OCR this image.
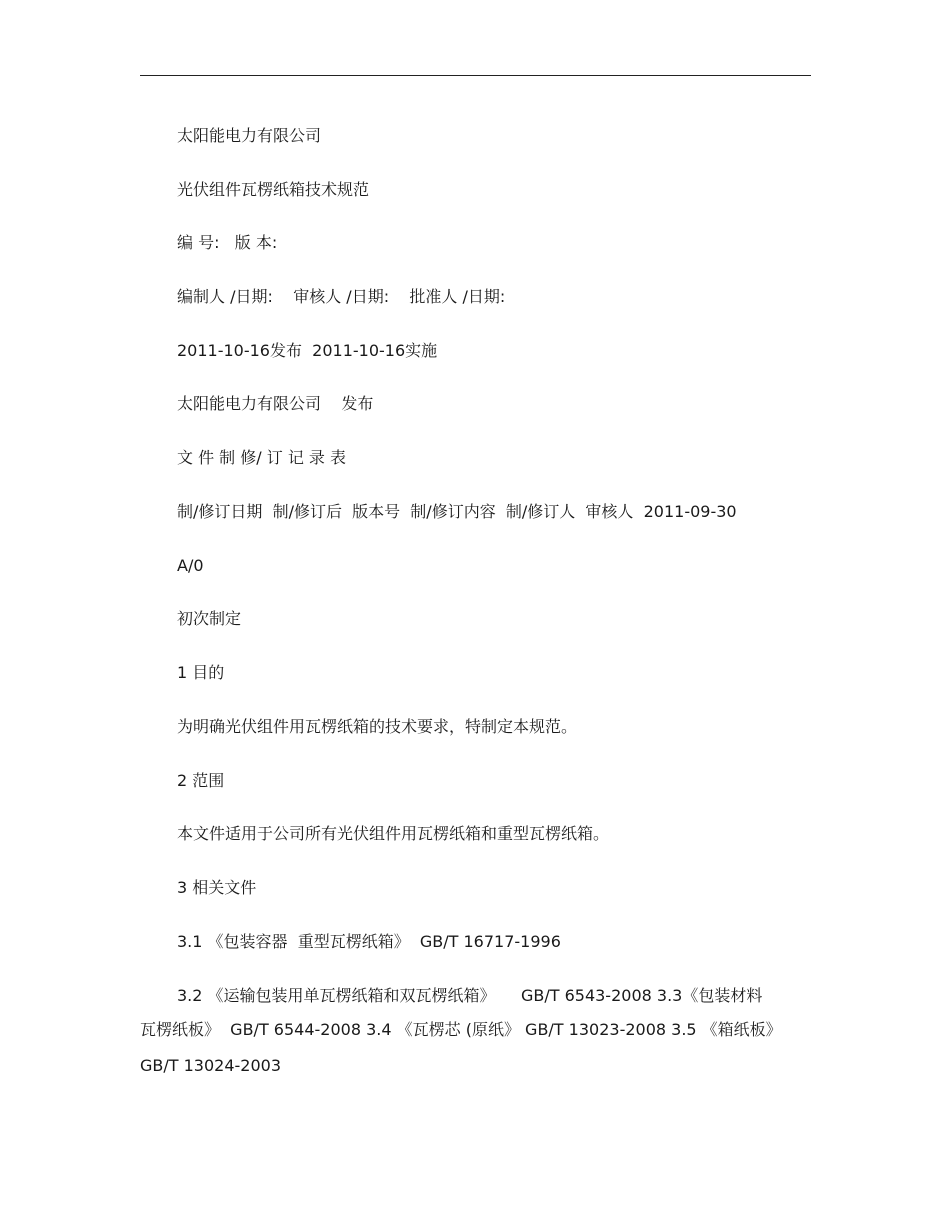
太阳能电力有限公司
光伏组件瓦楞纸箱技术规范
编 号:   版 本:
编制人 /日期:    审核人 /日期:    批准人 /日期:
2011-10-16发布  2011-10-16实施
太阳能电力有限公司    发布
文 件 制 修/ 订 记 录 表
制/修订日期  制/修订后  版本号  制/修订内容  制/修订人  审核人  2011-09-30
A/0
初次制定
1 目的
为明确光伏组件用瓦楞纸箱的技术要求，特制定本规范。
2 范围
本文件适用于公司所有光伏组件用瓦楞纸箱和重型瓦楞纸箱。
3 相关文件
3.1 《包装容器  重型瓦楞纸箱》  GB/T 16717-1996
3.2 《运输包装用单瓦楞纸箱和双瓦楞纸箱》     GB/T 6543-2008 3.3《包装材料
瓦楞纸板》  GB/T 6544-2008 3.4 《瓦楞芯 (原纸》 GB/T 13023-2008 3.5 《箱纸板》
GB/T 13024-2003
